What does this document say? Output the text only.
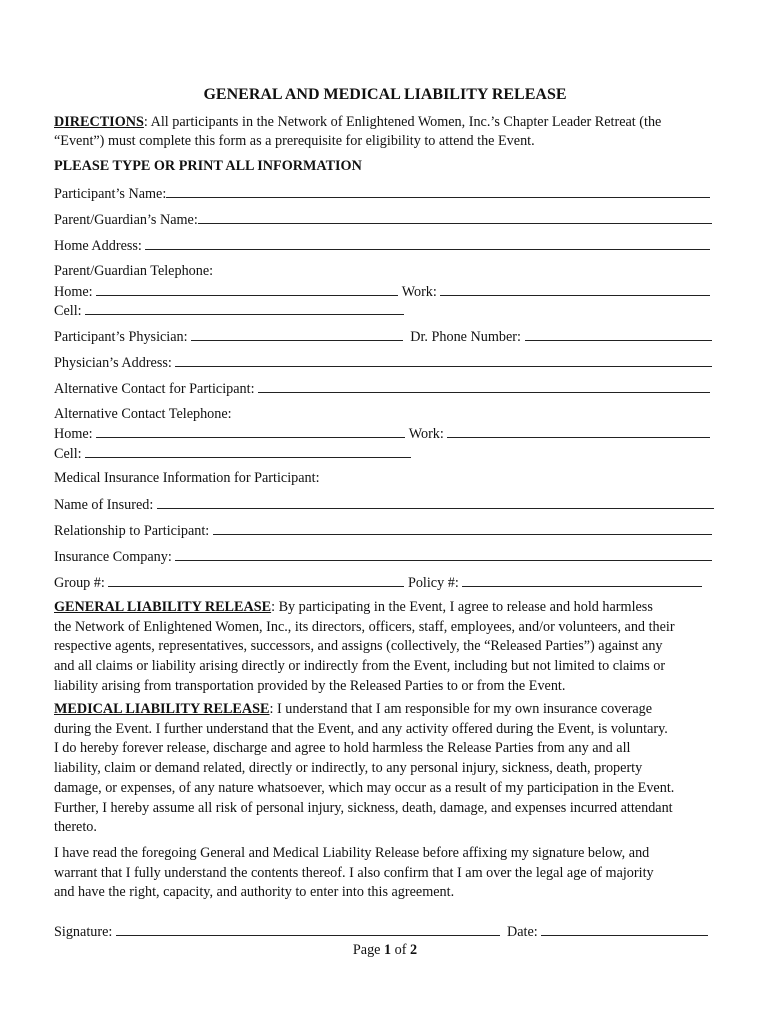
GENERAL AND MEDICAL LIABILITY RELEASE
DIRECTIONS: All participants in the Network of Enlightened Women, Inc.’s Chapter Leader Retreat (the
“Event”) must complete this form as a prerequisite for eligibility to attend the Event.
PLEASE TYPE OR PRINT ALL INFORMATION
Participant’s Name:
Parent/Guardian’s Name:
Home Address:

Parent/Guardian Telephone:
Home:

	Work:

Cell:

Participant’s Physician:

	Dr. Phone Number:

Physician’s Address:

Alternative Contact for Participant:

Alternative Contact Telephone:
Home:

	Work:

Cell:

Medical Insurance Information for Participant:
Name of Insured:

Relationship to Participant:

Insurance Company:

Group #:

	Policy #:

GENERAL LIABILITY RELEASE: By participating in the Event, I agree to release and hold harmless
the Network of Enlightened Women, Inc., its directors, officers, staff, employees, and/or volunteers, and their
respective agents, representatives, successors, and assigns (collectively, the “Released Parties”) against any
and all claims or liability arising directly or indirectly from the Event, including but not limited to claims or
liability arising from transportation provided by the Released Parties to or from the Event.
MEDICAL LIABILITY RELEASE: I understand that I am responsible for my own insurance coverage
during the Event. I further understand that the Event, and any activity offered during the Event, is voluntary.
I do hereby forever release, discharge and agree to hold harmless the Release Parties from any and all
liability, claim or demand related, directly or indirectly, to any personal injury, sickness, death, property
damage, or expenses, of any nature whatsoever, which may occur as a result of my participation in the Event.
Further, I hereby assume all risk of personal injury, sickness, death, damage, and expenses incurred attendant
thereto.
I have read the foregoing General and Medical Liability Release before affixing my signature below, and
warrant that I fully understand the contents thereof. I also confirm that I am over the legal age of majority
and have the right, capacity, and authority to enter into this agreement.
Signature:

	Date:

Page 1 of 2
